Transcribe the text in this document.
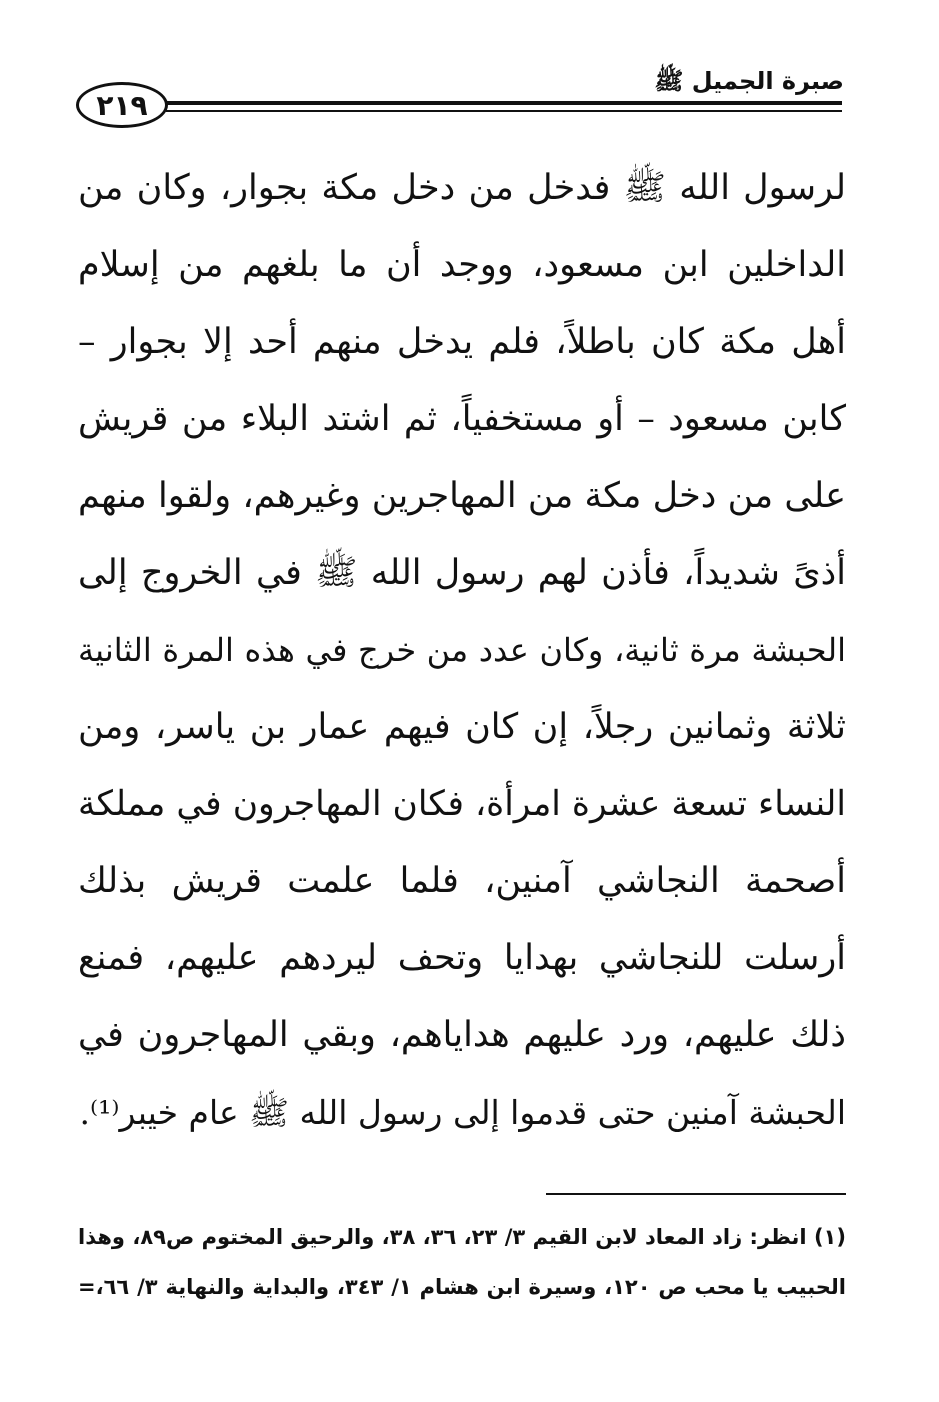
٢١٩
صبرة الجميل ﷺ
لرسول الله ﷺ فدخل من دخل مكة بجوار، وكان من
الداخلين ابن مسعود، ووجد أن ما بلغهم من إسلام
أهل مكة كان باطلاً، فلم يدخل منهم أحد إلا بجوار –
كابن مسعود – أو مستخفياً، ثم اشتد البلاء من قريش
على من دخل مكة من المهاجرين وغيرهم، ولقوا منهم
أذىً شديداً، فأذن لهم رسول الله ﷺ في الخروج إلى
الحبشة مرة ثانية، وكان عدد من خرج في هذه المرة الثانية
ثلاثة وثمانين رجلاً، إن كان فيهم عمار بن ياسر، ومن
النساء تسعة عشرة امرأة، فكان المهاجرون في مملكة
أصحمة النجاشي آمنين، فلما علمت قريش بذلك
أرسلت للنجاشي بهدايا وتحف ليردهم عليهم، فمنع
ذلك عليهم، ورد عليهم هداياهم، وبقي المهاجرون في
الحبشة آمنين حتى قدموا إلى رسول الله ﷺ عام خيبر⁽¹⁾.
(١) انظر: زاد المعاد لابن القيم ٣/ ٢٣، ٣٦، ٣٨، والرحيق المختوم ص٨٩، وهذا
الحبيب يا محب ص ١٢٠، وسيرة ابن هشام ١/ ٣٤٣، والبداية والنهاية ٣/ ٦٦،=
